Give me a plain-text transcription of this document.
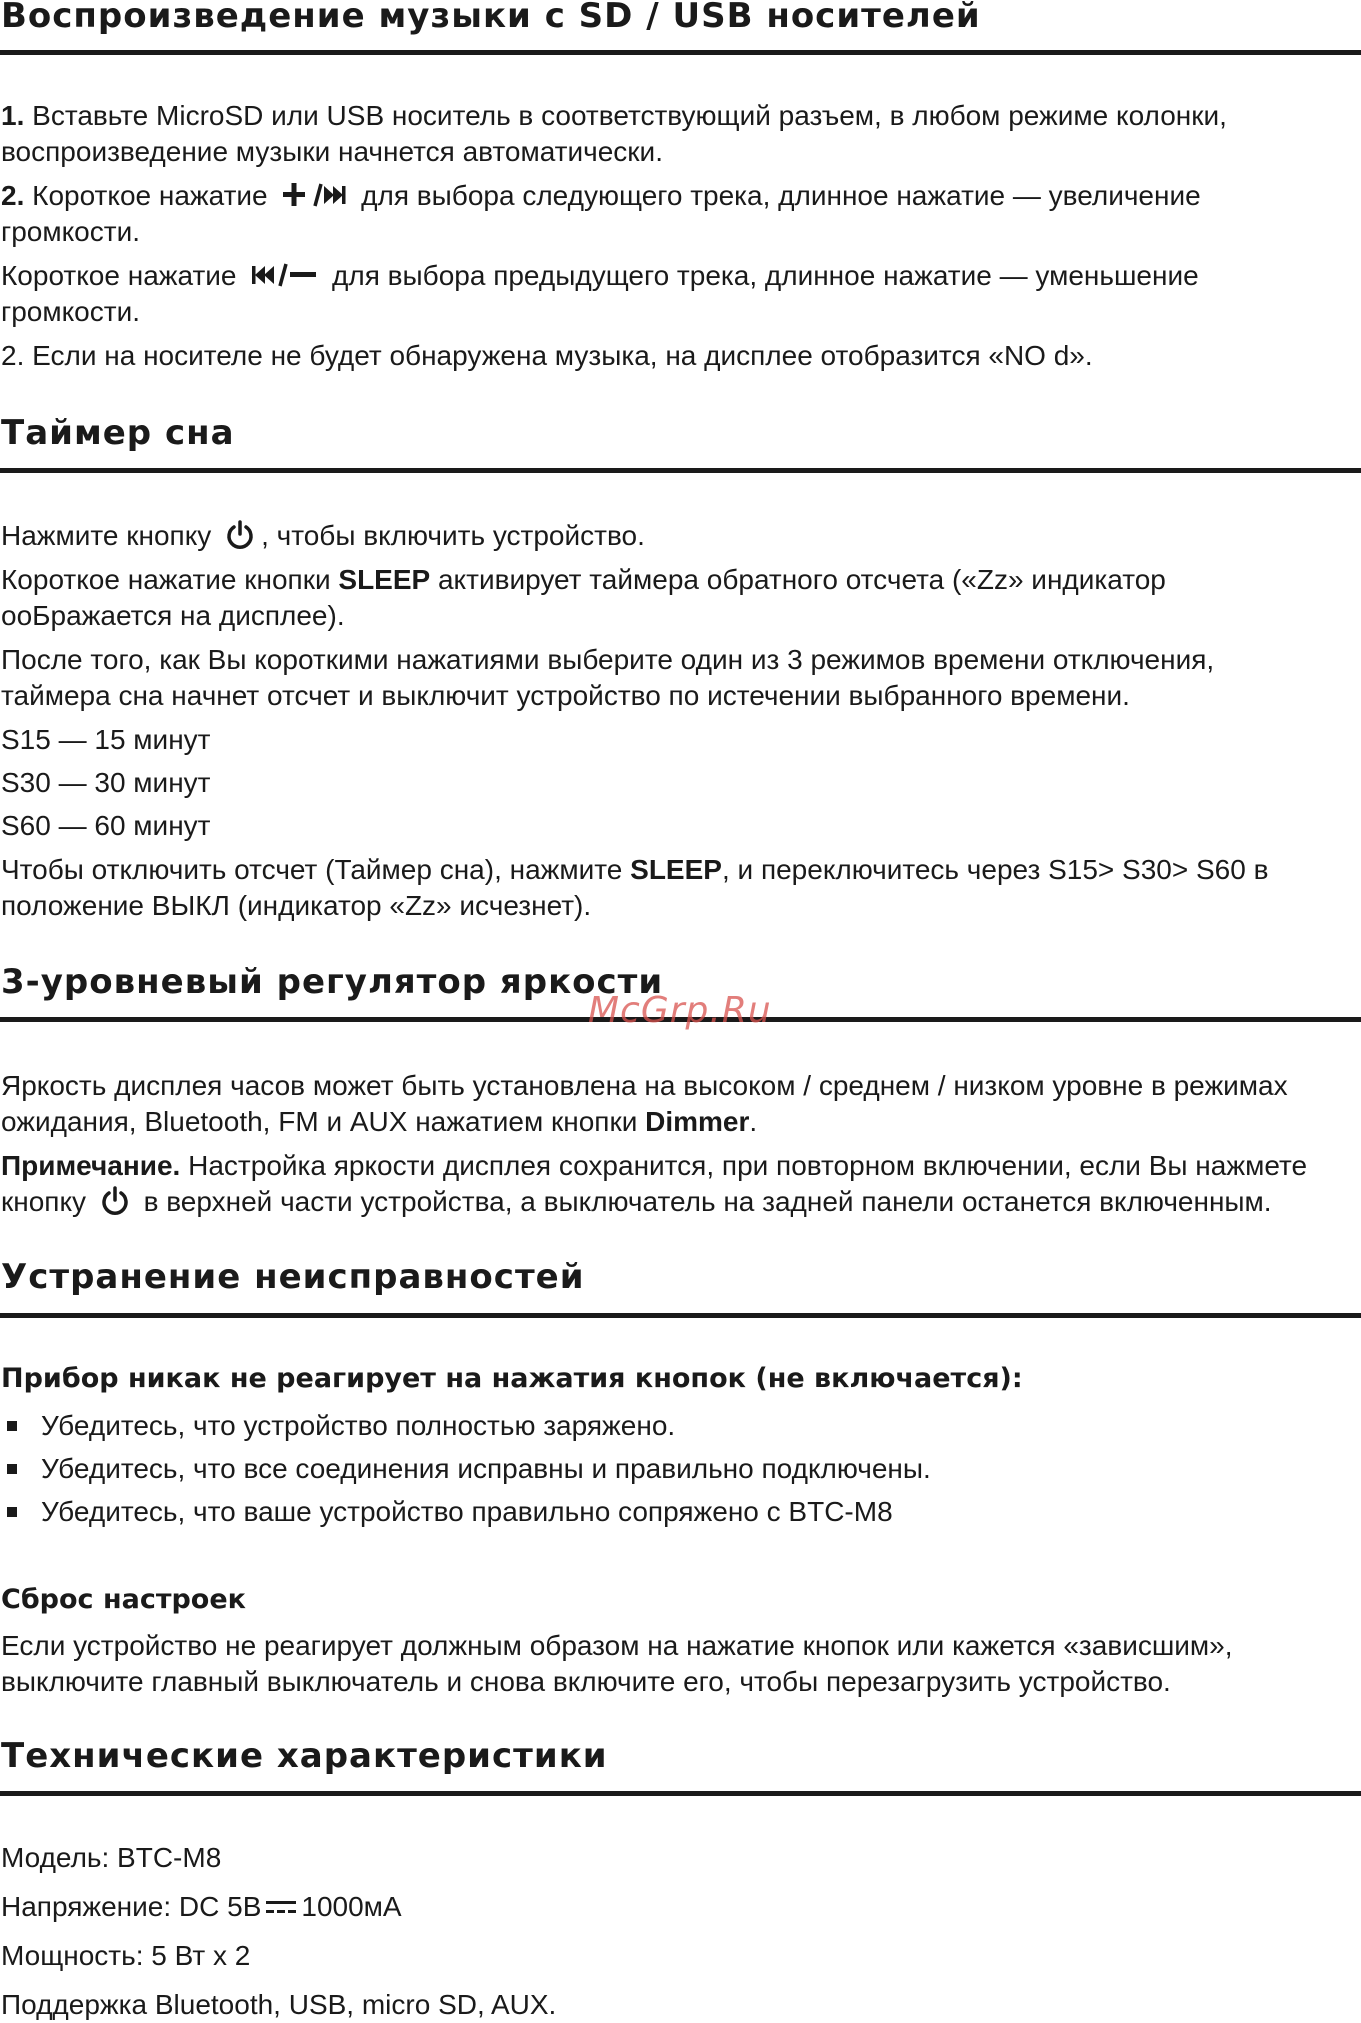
Воспроизведение музыки с SD / USB носителей

1. Вставьте MicroSD или USB носитель в соответствующий разъем, в любом режиме колонки,

воспроизведение музыки начнется автоматически.

2. Короткое нажатие	для выбора следующего трека, длинное нажатие — увеличение

громкости.

Короткое нажатие	для выбора предыдущего трека, длинное нажатие — уменьшение

громкости.

2. Если на носителе не будет обнаружена музыка, на дисплее отобразится «NO d».

Таймер сна

Нажмите кнопку , чтобы включить устройство.

Короткое нажатие кнопки SLEEP активирует таймера обратного отсчета («Zz» индикатор

ооБражается на дисплее).

После того, как Вы короткими нажатиями выберите один из 3 режимов времени отключения,

таймера сна начнет отсчет и выключит устройство по истечении выбранного времени.

S15 — 15 минут

S30 — 30 минут

S60 — 60 минут

Чтобы отключить отсчет (Таймер сна), нажмите SLEEP, и переключитесь через S15> S30> S60 в

положение ВЫКЛ (индикатор «Zz» исчезнет).

3-уровневый регулятор яркости
McGrp.Ru

Яркость дисплея часов может быть установлена на высоком / среднем / низком уровне в режимах

ожидания, Bluetooth, FM и AUX нажатием кнопки Dimmer.

Примечание. Настройка яркости дисплея сохранится, при повторном включении, если Вы нажмете

кнопку  в верхней части устройства, а выключатель на задней панели останется включенным.

Устранение неисправностей
Прибор никак не реагирует на нажатия кнопок (не включается):
Убедитесь, что устройство полностью заряжено.
Убедитесь, что все соединения исправны и правильно подключены.
Убедитесь, что ваше устройство правильно сопряжено с BTC-M8
Сброс настроек

Если устройство не реагирует должным образом на нажатие кнопок или кажется «зависшим»,

выключите главный выключатель и снова включите его, чтобы перезагрузить устройство.

Технические характеристики

Модель: BTC-M8

Напряжение: DC 5В 1000мА

Мощность: 5 Вт х 2

Поддержка Bluetooth, USB, micro SD, AUX.
